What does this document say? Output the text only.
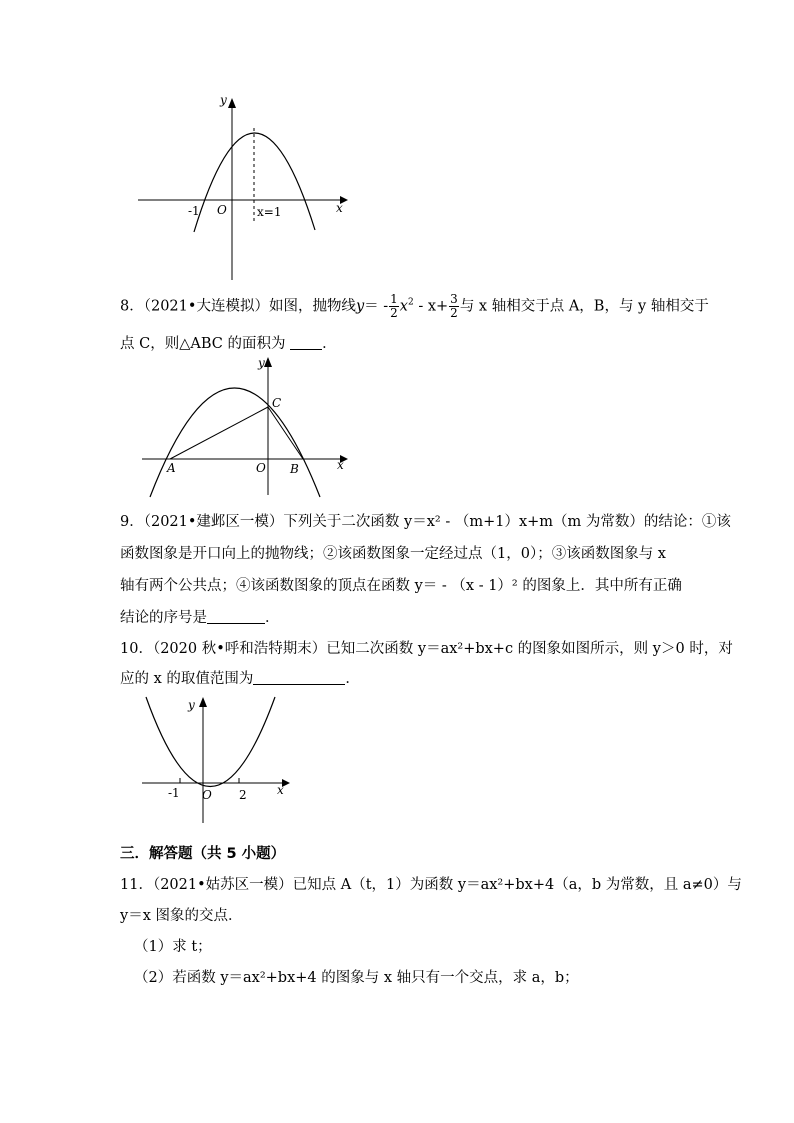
y
x
O
-1	x=1
8．（2021•大连模拟）如图，抛物线$y= - \frac{1}{2} x^2 - x+ \frac{3}{2}$ 与 x 轴相交于点 A，B，与 y 轴相交于
点 C，则△ABC 的面积为 ．
y
x
A	B
C
O
9．（2021•建邺区一模）下列关于二次函数 y＝x² - （m+1）x+m（m 为常数）的结论：①该
函数图象是开口向上的抛物线；②该函数图象一定经过点（1，0）；③该函数图象与 x
轴有两个公共点；④该函数图象的顶点在函数 y＝ - （x - 1）² 的图象上．其中所有正确
结论的序号是	．
10．（2020 秋•呼和浩特期末）已知二次函数 y＝ax²+bx+c 的图象如图所示，则 y＞0 时，对
应的 x 的取值范围为	．
y
x
O
-1	2
三．解答题（共 5 小题）
11．（2021•姑苏区一模）已知点 A（t，1）为函数 y＝ax²+bx+4（a，b 为常数，且 a≠0）与
y＝x 图象的交点．
（1）求 t；
（2）若函数 y＝ax²+bx+4 的图象与 x 轴只有一个交点，求 a，b；
